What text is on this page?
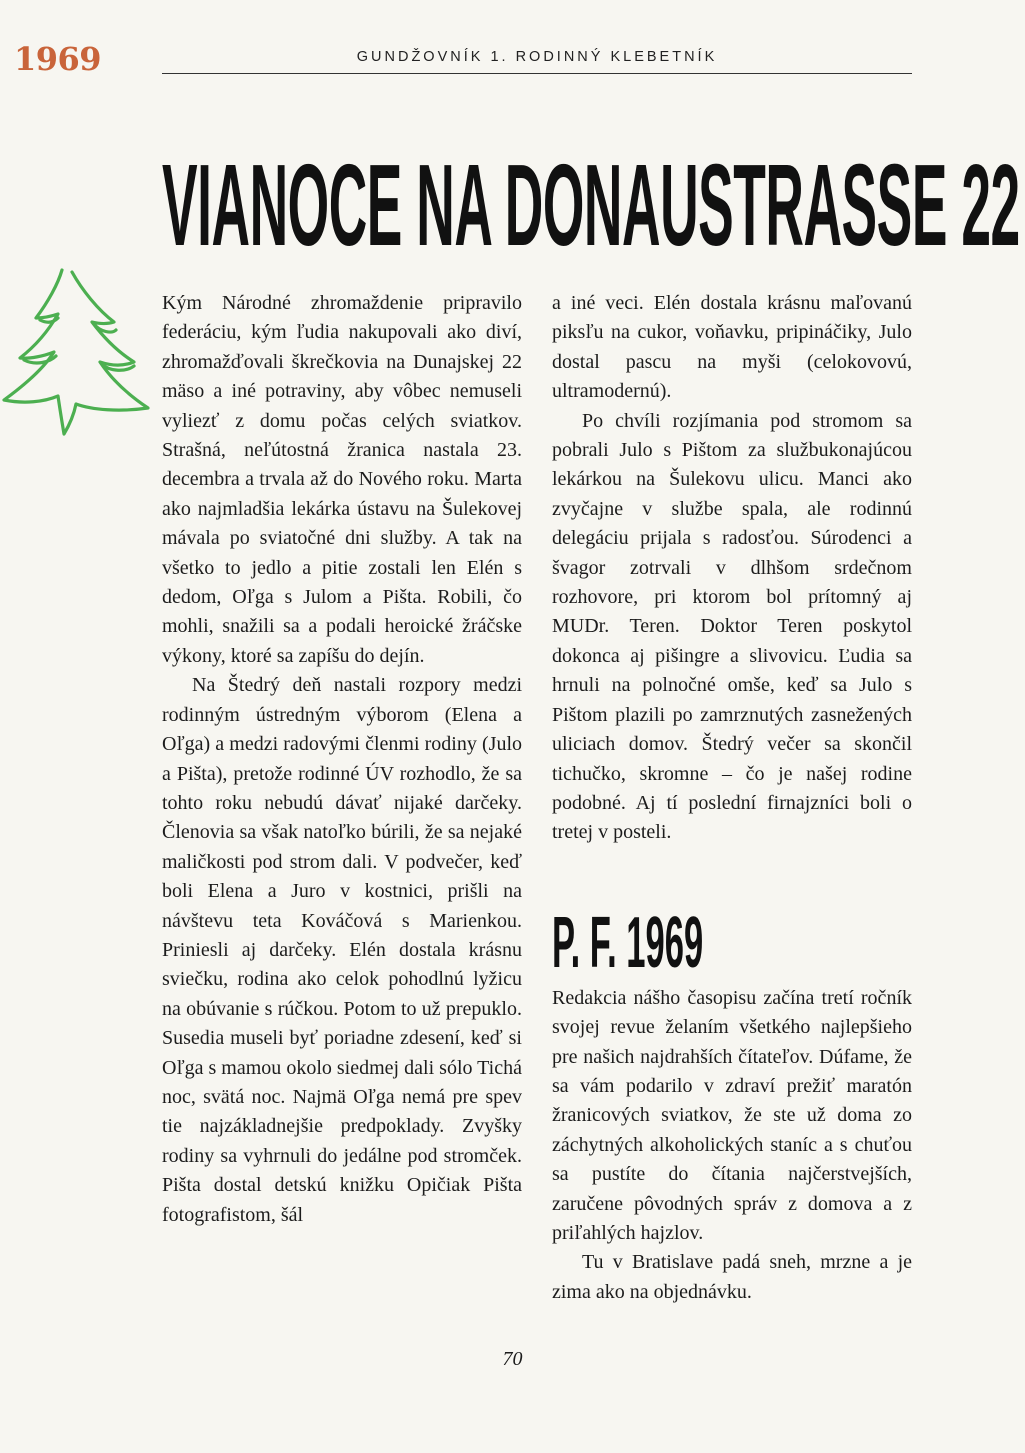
1969	GUNDŽOVNÍK 1. RODINNÝ KLEBETNÍK
VIANOCE NA DONAUSTRASSE 22

Kým Národné zhromaždenie pripravilo federáciu, kým ľudia nakupovali ako diví, zhromažďovali škrečkovia na Dunajskej 22 mäso a iné potraviny, aby vôbec nemuseli vyliezť z domu počas celých sviatkov. Strašná, neľútostná žranica nastala 23. decembra a trvala až do Nového roku. Marta ako najmladšia lekárka ústavu na Šulekovej mávala po sviatočné dni služby. A tak na všetko to jedlo a pitie zostali len Elén s dedom, Oľga s Julom a Pišta. Robili, čo mohli, snažili sa a podali heroické žráčske výkony, ktoré sa zapíšu do dejín.

Na Štedrý deň nastali rozpory medzi rodinným ústredným výborom (Elena a Oľga) a medzi radovými členmi rodiny (Julo a Pišta), pretože rodinné ÚV rozhodlo, že sa tohto roku nebudú dávať nijaké darčeky. Členovia sa však natoľko búrili, že sa nejaké maličkosti pod strom dali. V podvečer, keď boli Elena a Juro v kostnici, prišli na návštevu teta Kováčová s Marienkou. Priniesli aj darčeky. Elén dostala krásnu sviečku, rodina ako celok pohodlnú lyžicu na obúvanie s rúčkou. Potom to už prepuklo. Susedia museli byť poriadne zdesení, keď si Oľga s mamou okolo siedmej dali sólo Tichá noc, svätá noc. Najmä Oľga nemá pre spev tie najzákladnejšie predpoklady. Zvyšky rodiny sa vyhrnuli do jedálne pod stromček. Pišta dostal detskú knižku Opičiak Pišta fotografistom, šál

a iné veci. Elén dostala krásnu maľovanú piksľu na cukor, voňavku, pripináčiky, Julo dostal pascu na myši (celokovovú, ultramodernú).

Po chvíli rozjímania pod stromom sa pobrali Julo s Pištom za službukonajúcou lekárkou na Šulekovu ulicu. Manci ako zvyčajne v službe spala, ale rodinnú delegáciu prijala s radosťou. Súrodenci a švagor zotrvali v dlhšom srdečnom rozhovore, pri ktorom bol prítomný aj MUDr. Teren. Doktor Teren poskytol dokonca aj pišingre a slivovicu. Ľudia sa hrnuli na polnočné omše, keď sa Julo s Pištom plazili po zamrznutých zasnežených uliciach domov. Štedrý večer sa skončil tichučko, skromne – čo je našej rodine podobné. Aj tí poslední firnajzníci boli o tretej v posteli.

P. F. 1969

Redakcia nášho časopisu začína tretí ročník svojej revue želaním všetkého najlepšieho pre našich najdrahších čítateľov. Dúfame, že sa vám podarilo v zdraví prežiť maratón žranicových sviatkov, že ste už doma zo záchytných alkoholických staníc a s chuťou sa pustíte do čítania najčerstvejších, zaručene pôvodných správ z domova a z priľahlých hajzlov.

Tu v Bratislave padá sneh, mrzne a je zima ako na objednávku.

70
